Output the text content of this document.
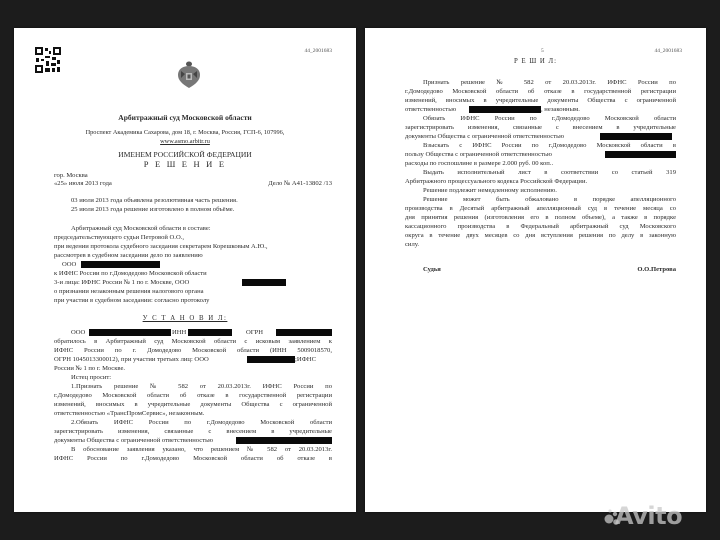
44_2001683
Арбитражный суд Московской области
Проспект Академика Сахарова, дом 18, г. Москва, Россия, ГСП-6, 107996,
www.asmo.arbitr.ru
ИМЕНЕМ РОССИЙСКОЙ ФЕДЕРАЦИИ
Р Е Ш Е Н И Е
гор. Москва
«25» июля 2013 года	Дело № А41-13802 /13
03 июля 2013 года объявлена резолютивная часть решения.
25 июля 2013 года решение изготовлено в полном объёме.
Арбитражный суд Московской области в составе:
председательствующего судьи Петровой О.О.,
при ведении протокола судебного заседания секретарем Корешковым А.Ю.,
рассмотрев в судебном заседании дело по заявлению
ООО
к ИФНС России по г.Домодедово Московской области
3-и лица: ИФНС России № 1 по г. Москве, ООО
о признании незаконным решения налогового органа
при участии в судебном заседании: согласно протоколу
У С Т А Н О В И Л:
ООО	ИНН	ОГРН
обратилось в Арбитражный суд Московской области с исковым заявлением к
ИФНС России по г. Домодедово Московской области (ИНН 5009018570,
ОГРН 1045013300012), при участии третьих лиц: ООО	;ИФНС
России № 1 по г. Москве.
Истец просит:
1.Признать решение № 582 от 20.03.2013г. ИФНС России по
г.Домодедово Московской области об отказе в государственной регистрации
изменений, вносимых в учредительные документы Общества с ограниченной
ответственностью «ТрансПромСервис», незаконным.
2.Обязать ИФНС России по г.Домодедово Московской области
зарегистрировать изменения, связанные с внесением в учредительные
документы Общества с ограниченной ответственностью
В обоснование заявления указано, что решением № 582 от 20.03.2013г.
ИФНС России по г.Домодедово Московской области об отказе в
5	44_2001683
Р Е Ш И Л:
Признать решение № 582 от 20.03.2013г. ИФНС России по
г.Домодедово Московской области об отказе в государственной регистрации
изменений, вносимых в учредительные документы Общества с ограниченной
ответственностью	, незаконным.
Обязать ИФНС России по г.Домодедово Московской области
зарегистрировать изменения, связанные с внесением в учредительные
документы Общества с ограниченной ответственностью
Взыскать с ИФНС России по г.Домодедово Московской области в
пользу Общества с ограниченной ответственностью
расходы по госпошлине в размере 2.000 руб. 00 коп..
Выдать исполнительный лист в соответствии со статьей 319
Арбитражного процессуального кодекса Российской Федерации.
Решение подлежит немедленному исполнению.
Решение может быть обжаловано в порядке апелляционного
производства в Десятый арбитражный апелляционный суд в течение месяца со
дня принятия решения (изготовления его в полном объеме), а также в порядке
кассационного производства в Федеральный арбитражный суд Московского
округа в течение двух месяцев со дня вступления решения по делу в законную
силу.
Судья	О.О.Петрова
Avito
